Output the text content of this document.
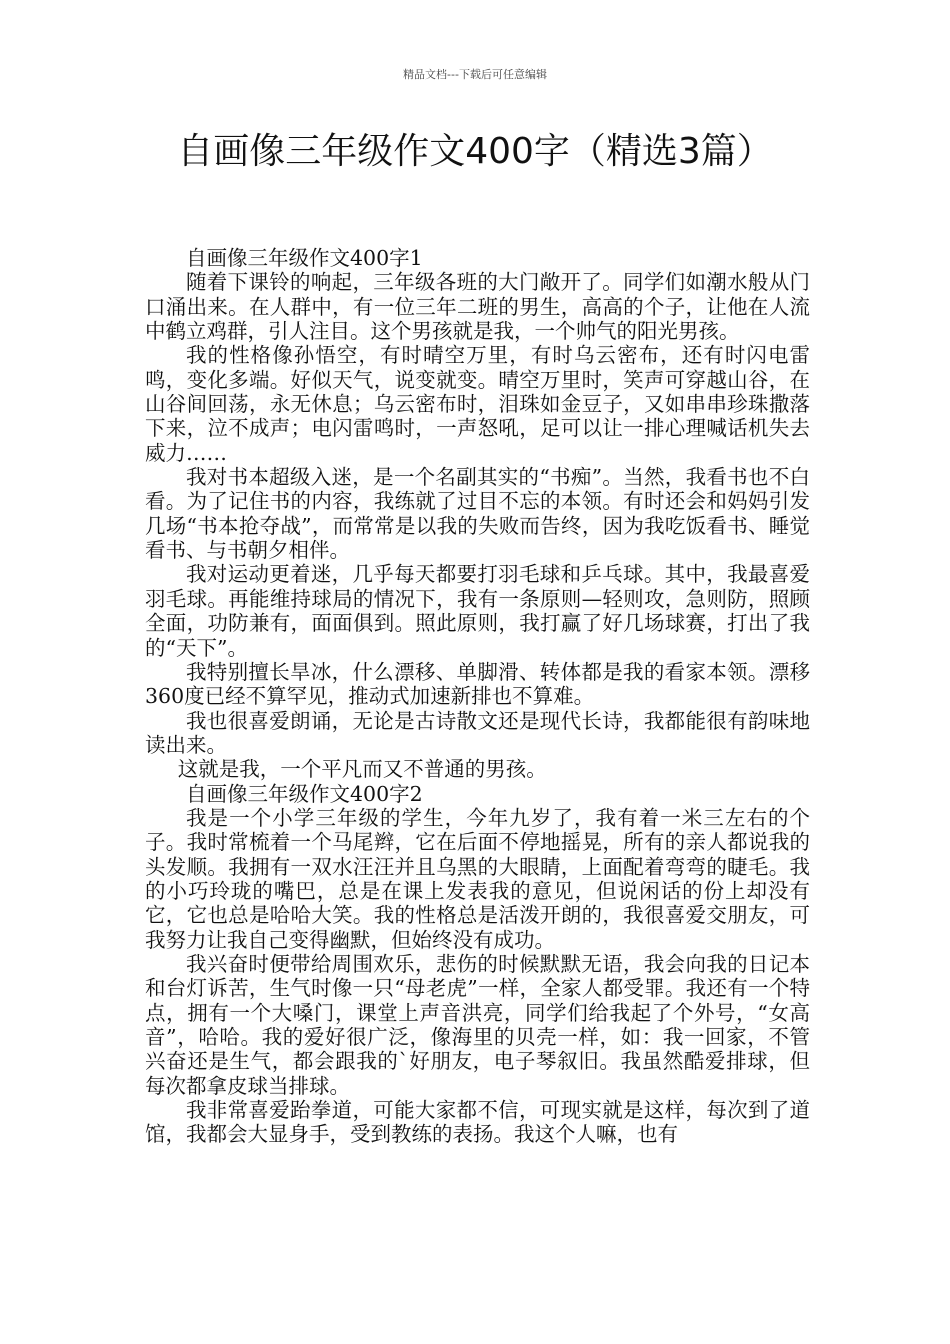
精品文档---下载后可任意编辑
自画像三年级作文400字（精选3篇）

自画像三年级作文400字1

随着下课铃的响起，三年级各班的大门敞开了。同学们如潮水般从门口涌出来。在人群中，有一位三年二班的男生，高高的个子，让他在人流中鹤立鸡群，引人注目。这个男孩就是我，一个帅气的阳光男孩。

我的性格像孙悟空，有时晴空万里，有时乌云密布，还有时闪电雷鸣，变化多端。好似天气，说变就变。晴空万里时，笑声可穿越山谷，在山谷间回荡，永无休息；乌云密布时，泪珠如金豆子，又如串串珍珠撒落下来，泣不成声；电闪雷鸣时，一声怒吼，足可以让一排心理喊话机失去威力……

我对书本超级入迷，是一个名副其实的“书痴”。当然，我看书也不白看。为了记住书的内容，我练就了过目不忘的本领。有时还会和妈妈引发几场“书本抢夺战”，而常常是以我的失败而告终，因为我吃饭看书、睡觉看书、与书朝夕相伴。

我对运动更着迷，几乎每天都要打羽毛球和乒乓球。其中，我最喜爱羽毛球。再能维持球局的情况下，我有一条原则—轻则攻，急则防，照顾全面，功防兼有，面面俱到。照此原则，我打赢了好几场球赛，打出了我的“天下”。

我特别擅长旱冰，什么漂移、单脚滑、转体都是我的看家本领。漂移360度已经不算罕见，推动式加速新排也不算难。

我也很喜爱朗诵，无论是古诗散文还是现代长诗，我都能很有韵味地读出来。

这就是我，一个平凡而又不普通的男孩。

自画像三年级作文400字2

我是一个小学三年级的学生，今年九岁了，我有着一米三左右的个子。我时常梳着一个马尾辫，它在后面不停地摇晃，所有的亲人都说我的头发顺。我拥有一双水汪汪并且乌黑的大眼睛，上面配着弯弯的睫毛。我的小巧玲珑的嘴巴，总是在课上发表我的意见，但说闲话的份上却没有它，它也总是哈哈大笑。我的性格总是活泼开朗的，我很喜爱交朋友，可我努力让我自己变得幽默，但始终没有成功。

我兴奋时便带给周围欢乐，悲伤的时候默默无语，我会向我的日记本和台灯诉苦，生气时像一只“母老虎”一样，全家人都受罪。我还有一个特点，拥有一个大嗓门，课堂上声音洪亮，同学们给我起了个外号，“女高音”，哈哈。我的爱好很广泛，像海里的贝壳一样，如：我一回家，不管兴奋还是生气，都会跟我的`好朋友，电子琴叙旧。我虽然酷爱排球，但每次都拿皮球当排球。

我非常喜爱跆拳道，可能大家都不信，可现实就是这样，每次到了道馆，我都会大显身手，受到教练的表扬。我这个人嘛，也有
